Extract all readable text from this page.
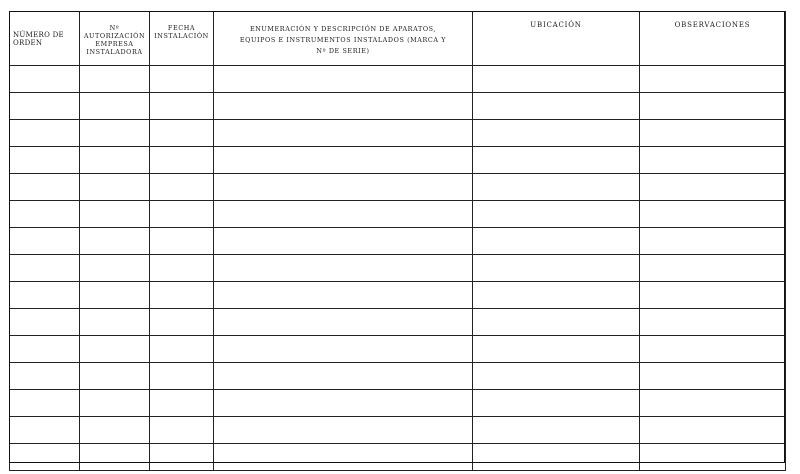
NÚMERO DE ORDEN	Nº AUTORIZACIÓN EMPRESA INSTALADORA	FECHA INSTALACIÓN	ENUMERACIÓN Y DESCRIPCIÓN DE APARATOS, EQUIPOS E INSTRUMENTOS INSTALADOS (MARCA Y Nº DE SERIE)	UBICACIÓN	OBSERVACIONES
